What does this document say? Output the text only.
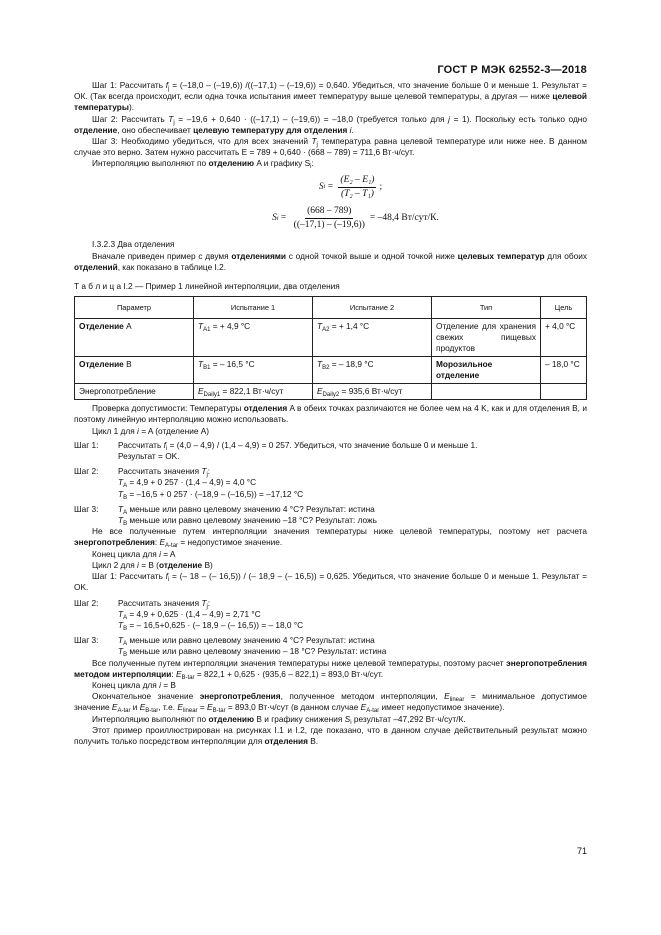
ГОСТ Р МЭК 62552-3—2018

Шаг 1: Рассчитать $f_j = (-18,0 - (-19,6))$ /((–17,1) – (–19,6)) = 0,640. Убедиться, что значение больше 0 и меньше 1. Результат = ОК. (Так всегда происходит, если одна точка испытания имеет температуру выше целевой температуры, а другая — ниже целевой температуры).

Шаг 2: Рассчитать $T_j = -19,6 + 0,640 \cdot ((-17,1) - (-19,6)) = -18,0$ (требуется только для j = 1). Поскольку есть только одно отделение, оно обеспечивает целевую температуру для отделения i.

Шаг 3: Необходимо убедиться, что для всех значений $T_j$ температура равна целевой температуре или ниже нее. В данном случае это верно. Затем нужно рассчитать E = 789 + 0,640 · (668 – 789) = 711,6 Вт·ч/сут.

Интерполяцию выполняют по отделению A и графику $S_i$:

S $i = \frac{\text{(E₂ – E₁)}}{\text{(T₂ – T₁)}}$ ;
S $i = \frac{(668 - 789)}{((-17,1) - (-19,6))} = -48,4$ Вт/сут/К.

I.3.2.3 Два отделения

Вначале приведен пример с двумя отделениями с одной точкой выше и одной точкой ниже целевых температур для обоих отделений, как показано в таблице I.2.

Т а б л и ц а I.2 — Пример 1 линейной интерполяции, два отделения

Параметр	Испытание 1	Испытание 2	Тип	Цель
Отделение A	$T_{A1}$ = + 4,9 °C	$T_{A2}$ = + 1,4 °C	Отделение для хранения свежих пищевых продуктов	+ 4,0 °C
Отделение B	$T_{B1}$ = – 16,5 °C	$T_{B2}$ = – 18,9 °C	Морозильное отделение	– 18,0 °C
Энергопотребление	$E_{Daily1} = 822,1$ Вт·ч/сут	$E_{Daily2} = 935,6$ Вт·ч/сут		

Проверка допустимости: Температуры отделения A в обеих точках различаются не более чем на 4 K, как и для отделения B, и поэтому линейную интерполяцию можно использовать.

Цикл 1 для i = A (отделение A)

Шаг 1:	Рассчитать $f_i = (4,0 - 4,9) / (1,4 - 4,9) = 0$ 257. Убедиться, что значение больше 0 и меньше 1.
Результат = OK.
Шаг 2:	Рассчитать значения $T_j$:
$T_A = 4,9 + 0$ 257 · (1,4 – 4,9) = 4,0 °C
$T_B = -16,5 + 0$ 257 · (–18,9 – (–16,5)) = –17,12 °C
Шаг 3:	$T_A$ меньше или равно целевому значению 4 °C? Результат: истина
$T_B$ меньше или равно целевому значению –18 °C? Результат: ложь

Не все полученные путем интерполяции значения температуры ниже целевой температуры, поэтому нет расчета энергопотребления: $E_{A-tar}$ = недопустимое значение.

Конец цикла для i = A

Цикл 2 для i = B (отделение B)

Шаг 1: Рассчитать $f_i$ = (– 18 – (– 16,5)) / (– 18,9 – (– 16,5)) = 0,625. Убедиться, что значение больше 0 и меньше 1. Результат = OK.

Шаг 2:	Рассчитать значения $T_j$:
$T_A = 4,9 + 0,625 \cdot (1,4 - 4,9) = 2,71$ °C
$T_B$ = – 16,5+0,625 · (– 18,9 – (– 16,5)) = – 18,0 °C
Шаг 3:	$T_A$ меньше или равно целевому значению 4 °C? Результат: истина
$T_B$ меньше или равно целевому значению – 18 °C? Результат: истина

Все полученные путем интерполяции значения температуры ниже целевой температуры, поэтому расчет энергопотребления методом интерполяции: $E_{B-tar} = 822,1 + 0,625 \cdot (935,6 - 822,1) = 893,0$ Вт·ч/сут.

Конец цикла для i = B

Окончательное значение энергопотребления, полученное методом интерполяции, $E_{linear}$ = минимальное допустимое значение $E_{A-tar}$ и $E_{B-tar}$, т.е. $E_{linear} = E_{B-tar} = 893,0$ Вт·ч/сут (в данном случае $E_{A-tar}$ имеет недопустимое значение).

Интерполяцию выполняют по отделению B и графику снижения $S_i$ результат –47,292 Вт·ч/сут/К.

Этот пример проиллюстрирован на рисунках I.1 и I.2, где показано, что в данном случае действительный результат можно получить только посредством интерполяции для отделения B.

71
